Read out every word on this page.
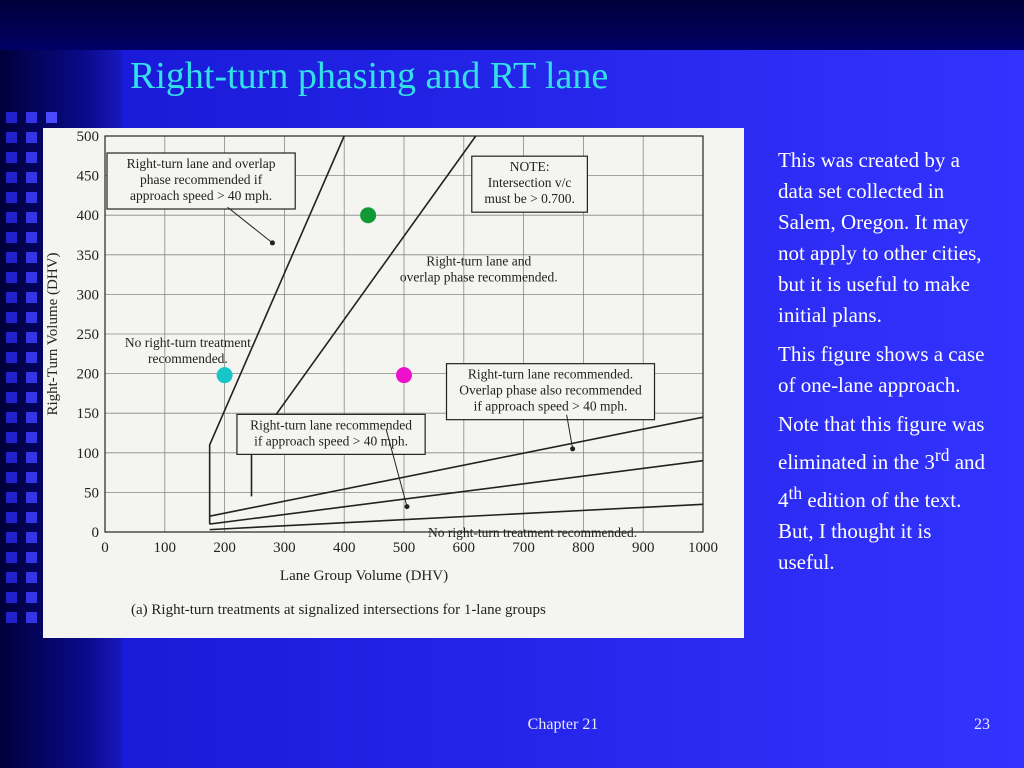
Right-turn phasing and RT lane
0	100 200 300 400 500 600 700 800 900 1000
0
50
100
150
200
250
300
350
400
450
500
Lane Group Volume (DHV)
Right-Turn Volume (DHV)
(a) Right-turn treatments at signalized intersections for 1-lane groups
Right-turn lane and overlap
phase recommended if
approach speed > 40 mph.
NOTE:
Intersection v/c
must be > 0.700.
Right-turn lane and
overlap phase recommended.
No right-turn treatment
recommended.
Right-turn lane recommended.
Overlap phase also recommended
if approach speed > 40 mph.
Right-turn lane recommended
if approach speed > 40 mph.
No right-turn treatment recommended.

This was created by a data set collected in Salem, Oregon. It may not apply to other cities, but it is useful to make initial plans.

This figure shows a case of one-lane approach.

Note that this figure was eliminated in the 3rd and 4th edition of the text. But, I thought it is useful.

Chapter 21	23
